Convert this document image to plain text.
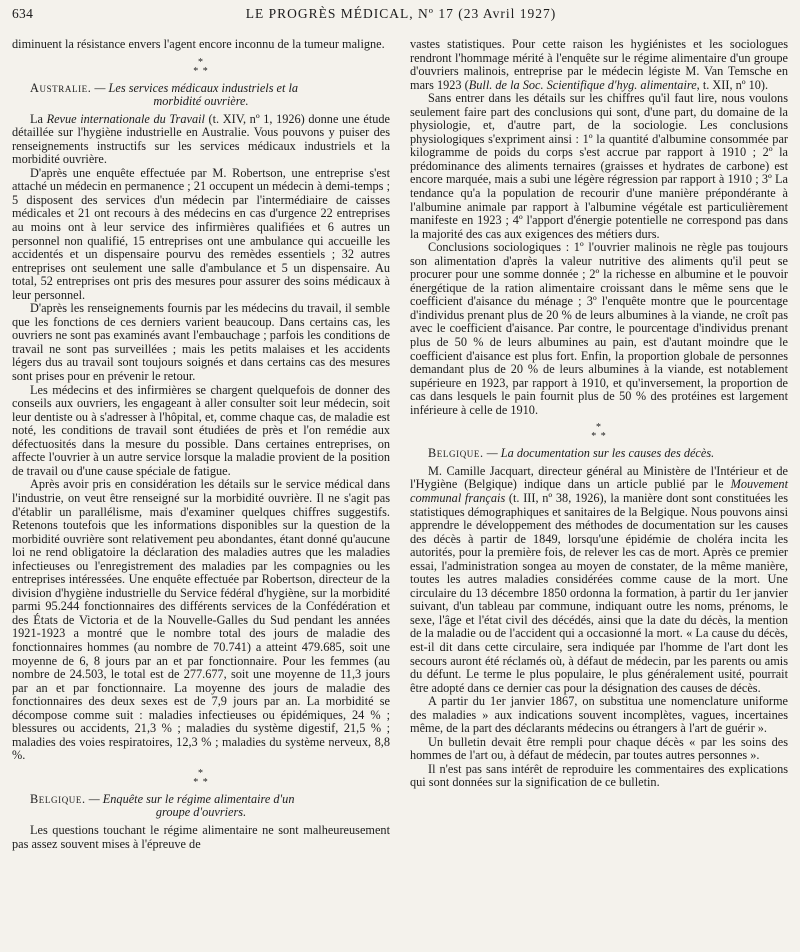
634	LE PROGRÈS MÉDICAL, Nº 17 (23 Avril 1927)

diminuent la résistance envers l'agent encore inconnu de la tumeur maligne.

*
* *
Australie. — Les services médicaux industriels et la
morbidité ouvrière.

La Revue internationale du Travail (t. XIV, nº 1, 1926) donne une étude détaillée sur l'hygiène industrielle en Australie. Vous pouvons y puiser des renseignements instructifs sur les services médicaux industriels et la morbidité ouvrière.

D'après une enquête effectuée par M. Robertson, une entreprise s'est attaché un médecin en permanence ; 21 occupent un médecin à demi-temps ; 5 disposent des services d'un médecin par l'intermédiaire de caisses médicales et 21 ont recours à des médecins en cas d'urgence 22 entreprises au moins ont à leur service des infirmières qualifiées et 6 autres un personnel non qualifié, 15 entreprises ont une ambulance qui accueille les accidentés et un dispensaire pourvu des remèdes essentiels ; 32 autres entreprises ont seulement une salle d'ambulance et 5 un dispensaire. Au total, 52 entreprises ont pris des mesures pour assurer des soins médicaux à leur personnel.

D'après les renseignements fournis par les médecins du travail, il semble que les fonctions de ces derniers varient beaucoup. Dans certains cas, les ouvriers ne sont pas examinés avant l'embauchage ; parfois les conditions de travail ne sont pas surveillées ; mais les petits malaises et les accidents légers dus au travail sont toujours soignés et dans certains cas des mesures sont prises pour en prévenir le retour.

Les médecins et des infirmières se chargent quelquefois de donner des conseils aux ouvriers, les engageant à aller consulter soit leur médecin, soit leur dentiste ou à s'adresser à l'hôpital, et, comme chaque cas, de maladie est noté, les conditions de travail sont étudiées de près et l'on remédie aux défectuosités dans la mesure du possible. Dans certaines entreprises, on affecte l'ouvrier à un autre service lorsque la maladie provient de la position de travail ou d'une cause spéciale de fatigue.

Après avoir pris en considération les détails sur le service médical dans l'industrie, on veut être renseigné sur la morbidité ouvrière. Il ne s'agit pas d'établir un parallélisme, mais d'examiner quelques chiffres suggestifs. Retenons toutefois que les informations disponibles sur la question de la morbidité ouvrière sont relativement peu abondantes, étant donné qu'aucune loi ne rend obligatoire la déclaration des maladies autres que les maladies infectieuses ou l'enregistrement des maladies par les compagnies ou les entreprises intéressées. Une enquête effectuée par Robertson, directeur de la division d'hygiène industrielle du Service fédéral d'hygiène, sur la morbidité parmi 95.244 fonctionnaires des différents services de la Confédération et des États de Victoria et de la Nouvelle-Galles du Sud pendant les années 1921-1923 a montré que le nombre total des jours de maladie des fonctionnaires hommes (au nombre de 70.741) a atteint 479.685, soit une moyenne de 6, 8 jours par an et par fonctionnaire. Pour les femmes (au nombre de 24.503, le total est de 277.677, soit une moyenne de 11,3 jours par an et par fonctionnaire. La moyenne des jours de maladie des fonctionnaires des deux sexes est de 7,9 jours par an. La morbidité se décompose comme suit : maladies infectieuses ou épidémiques, 24 % ; blessures ou accidents, 21,3 % ; maladies du système digestif, 21,5 % ; maladies des voies respiratoires, 12,3 % ; maladies du système nerveux, 8,8 %.

*
* *
Belgique. — Enquête sur le régime alimentaire d'un
groupe d'ouvriers.

Les questions touchant le régime alimentaire ne sont malheureusement pas assez souvent mises à l'épreuve de

vastes statistiques. Pour cette raison les hygiénistes et les sociologues rendront l'hommage mérité à l'enquête sur le régime alimentaire d'un groupe d'ouvriers malinois, entreprise par le médecin légiste M. Van Temsche en mars 1923 (Bull. de la Soc. Scientifique d'hyg. alimentaire, t. XII, nº 10).

Sans entrer dans les détails sur les chiffres qu'il faut lire, nous voulons seulement faire part des conclusions qui sont, d'une part, du domaine de la physiologie, et, d'autre part, de la sociologie. Les conclusions physiologiques s'expriment ainsi : 1º la quantité d'albumine consommée par kilogramme de poids du corps s'est accrue par rapport à 1910 ; 2º la prédominance des aliments ternaires (graisses et hydrates de carbone) est encore marquée, mais a subi une légère régression par rapport à 1910 ; 3º La tendance qu'a la population de recourir d'une manière prépondérante à l'albumine animale par rapport à l'albumine végétale est particulièrement manifeste en 1923 ; 4º l'apport d'énergie potentielle ne correspond pas dans la majorité des cas aux exigences des métiers durs.

Conclusions sociologiques : 1º l'ouvrier malinois ne règle pas toujours son alimentation d'après la valeur nutritive des aliments qu'il peut se procurer pour une somme donnée ; 2º la richesse en albumine et le pouvoir énergétique de la ration alimentaire croissant dans le même sens que le coefficient d'aisance du ménage ; 3º l'enquête montre que le pourcentage d'individus prenant plus de 20 % de leurs albumines à la viande, ne croît pas avec le coefficient d'aisance. Par contre, le pourcentage d'individus prenant plus de 50 % de leurs albumines au pain, est d'autant moindre que le coefficient d'aisance est plus fort. Enfin, la proportion globale de personnes demandant plus de 20 % de leurs albumines à la viande, est notablement supérieure en 1923, par rapport à 1910, et qu'inversement, la proportion de cas dans lesquels le pain fournit plus de 50 % des protéines est largement inférieure à celle de 1910.

*
* *
Belgique. — La documentation sur les causes des décès.

M. Camille Jacquart, directeur général au Ministère de l'Intérieur et de l'Hygiène (Belgique) indique dans un article publié par le Mouvement communal français (t. III, nº 38, 1926), la manière dont sont constituées les statistiques démographiques et sanitaires de la Belgique. Nous pouvons ainsi apprendre le développement des méthodes de documentation sur les causes des décès à partir de 1849, lorsqu'une épidémie de choléra incita les autorités, pour la première fois, de relever les cas de mort. Après ce premier essai, l'administration songea au moyen de constater, de la même manière, toutes les autres maladies considérées comme cause de la mort. Une circulaire du 13 décembre 1850 ordonna la formation, à partir du 1er janvier suivant, d'un tableau par commune, indiquant outre les noms, prénoms, le sexe, l'âge et l'état civil des décédés, ainsi que la date du décès, la mention de la maladie ou de l'accident qui a occasionné la mort. « La cause du décès, est-il dit dans cette circulaire, sera indiquée par l'homme de l'art dont les secours auront été réclamés où, à défaut de médecin, par les parents ou amis du défunt. Le terme le plus populaire, le plus généralement usité, pourrait être adopté dans ce dernier cas pour la désignation des causes de décès.

A partir du 1er janvier 1867, on substitua une nomenclature uniforme des maladies » aux indications souvent incomplètes, vagues, incertaines même, de la part des déclarants médecins ou étrangers à l'art de guérir ».

Un bulletin devait être rempli pour chaque décès « par les soins des hommes de l'art ou, à défaut de médecin, par toutes autres personnes ».

Il n'est pas sans intérêt de reproduire les commentaires des explications qui sont données sur la signification de ce bulletin.
